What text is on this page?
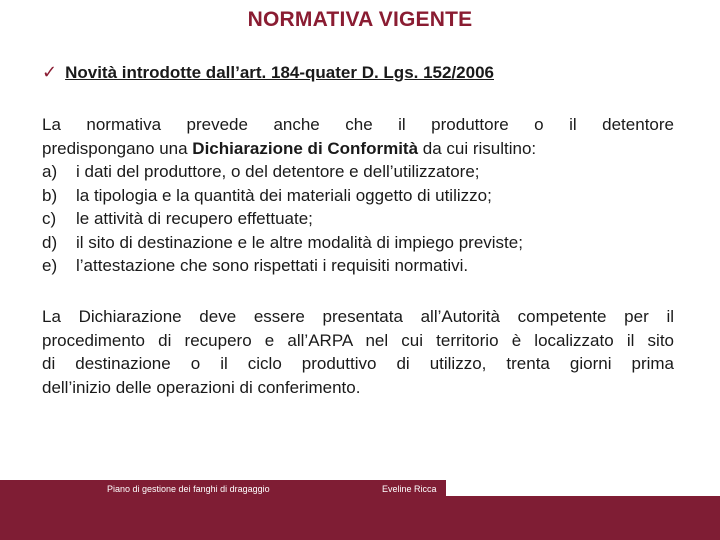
NORMATIVA VIGENTE
✓ Novità introdotte dall’art. 184-quater D. Lgs. 152/2006
La normativa prevede anche che il produttore o il detentore
predispongano una Dichiarazione di Conformità da cui risultino:
a)	i dati del produttore, o del detentore e dell’utilizzatore;
b)	la tipologia e la quantità dei materiali oggetto di utilizzo;
c)	le attività di recupero effettuate;
d)	il sito di destinazione e le altre modalità di impiego previste;
e)	l’attestazione che sono rispettati i requisiti normativi.
La Dichiarazione deve essere presentata all’Autorità competente per il
procedimento di recupero e all’ARPA nel cui territorio è localizzato il sito
di destinazione o il ciclo produttivo di utilizzo, trenta giorni prima
dell’inizio delle operazioni di conferimento.
Piano di gestione dei fanghi di dragaggio	Eveline Ricca
